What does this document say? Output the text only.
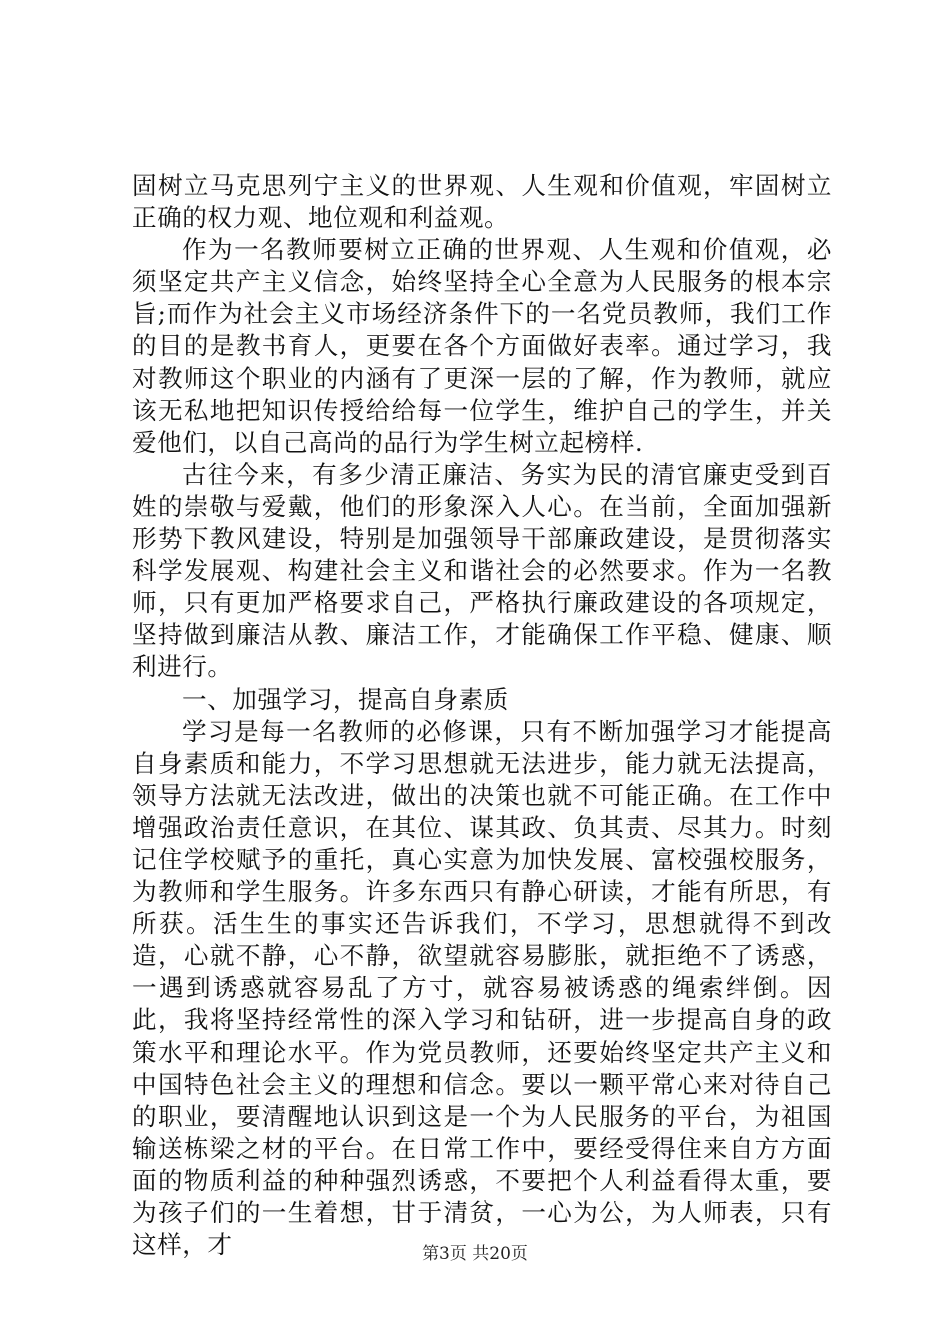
固树立马克思列宁主义的世界观、人生观和价值观，牢固树立正确的权力观、地位观和利益观。

作为一名教师要树立正确的世界观、人生观和价值观，必须坚定共产主义信念，始终坚持全心全意为人民服务的根本宗旨;而作为社会主义市场经济条件下的一名党员教师，我们工作的目的是教书育人，更要在各个方面做好表率。通过学习，我对教师这个职业的内涵有了更深一层的了解，作为教师，就应该无私地把知识传授给给每一位学生，维护自己的学生，并关爱他们，以自己高尚的品行为学生树立起榜样.

古往今来，有多少清正廉洁、务实为民的清官廉吏受到百姓的崇敬与爱戴，他们的形象深入人心。在当前，全面加强新形势下教风建设，特别是加强领导干部廉政建设，是贯彻落实科学发展观、构建社会主义和谐社会的必然要求。作为一名教师，只有更加严格要求自己，严格执行廉政建设的各项规定，坚持做到廉洁从教、廉洁工作，才能确保工作平稳、健康、顺利进行。

一、加强学习，提高自身素质

学习是每一名教师的必修课，只有不断加强学习才能提高自身素质和能力，不学习思想就无法进步，能力就无法提高，领导方法就无法改进，做出的决策也就不可能正确。在工作中增强政治责任意识，在其位、谋其政、负其责、尽其力。时刻记住学校赋予的重托，真心实意为加快发展、富校强校服务，为教师和学生服务。许多东西只有静心研读，才能有所思，有所获。活生生的事实还告诉我们，不学习，思想就得不到改造，心就不静，心不静，欲望就容易膨胀，就拒绝不了诱惑，一遇到诱惑就容易乱了方寸，就容易被诱惑的绳索绊倒。因此，我将坚持经常性的深入学习和钻研，进一步提高自身的政策水平和理论水平。作为党员教师，还要始终坚定共产主义和中国特色社会主义的理想和信念。要以一颗平常心来对待自己的职业，要清醒地认识到这是一个为人民服务的平台，为祖国输送栋梁之材的平台。在日常工作中，要经受得住来自方方面面的物质利益的种种强烈诱惑，不要把个人利益看得太重，要为孩子们的一生着想，甘于清贫，一心为公，为人师表，只有这样，才	第3页 共20页
